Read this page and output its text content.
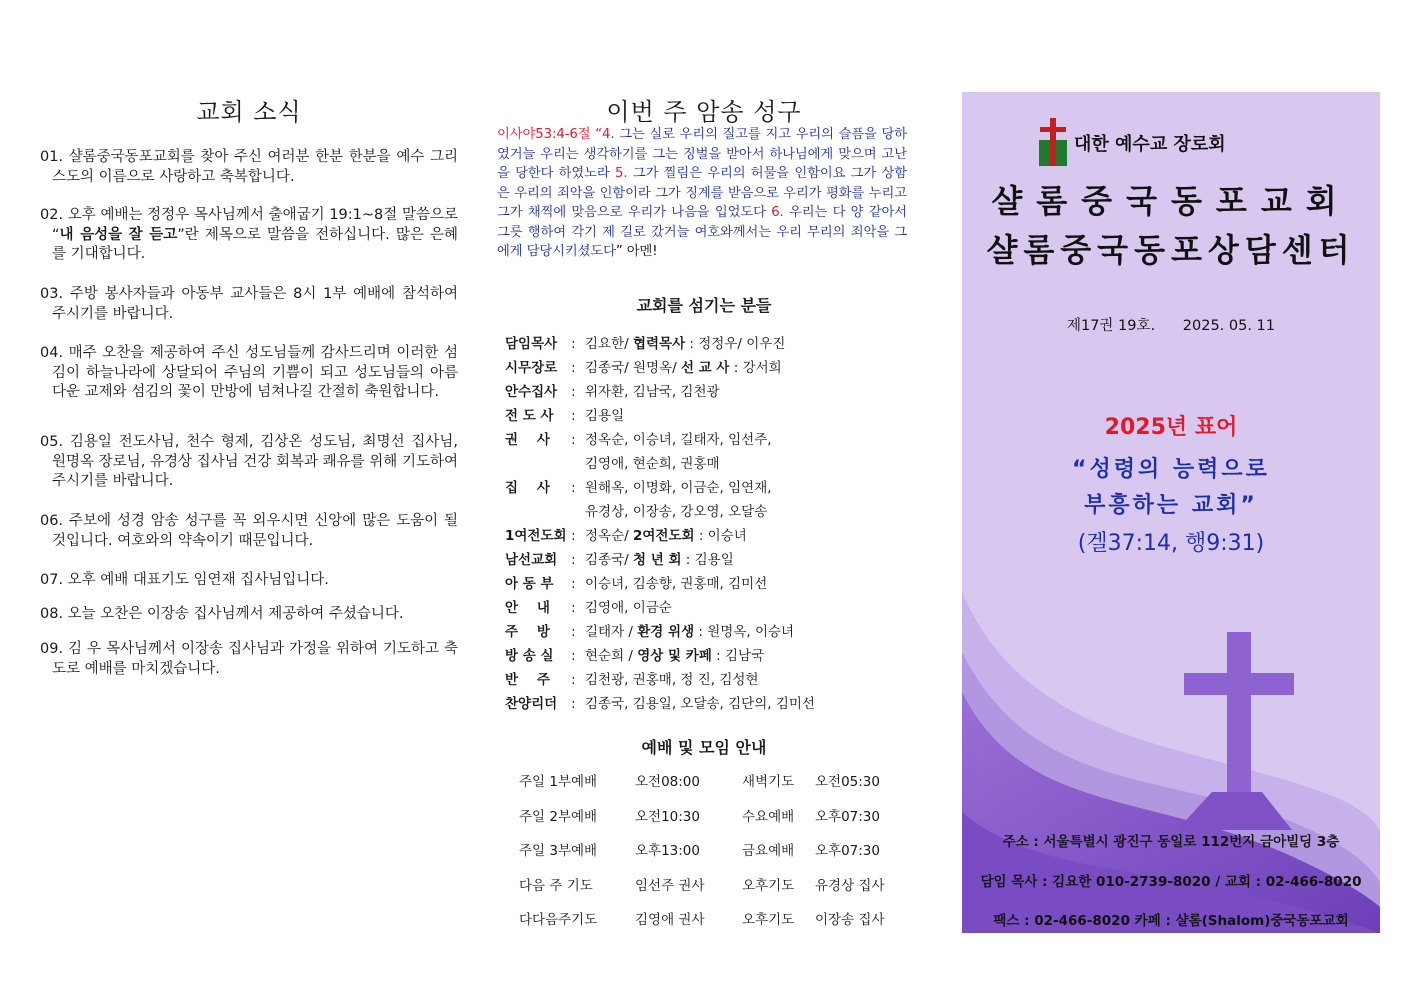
교회 소식
01. 샬롬중국동포교회를 찾아 주신 여러분 한분 한분을 예수 그리스도의 이름으로 사랑하고 축복합니다.
02. 오후 예배는 정정우 목사님께서 출애굽기 19:1~8절 말씀으로 “내 음성을 잘 듣고”란 제목으로 말씀을 전하십니다. 많은 은혜를 기대합니다.
03. 주방 봉사자들과 아동부 교사들은 8시 1부 예배에 참석하여 주시기를 바랍니다.
04. 매주 오찬을 제공하여 주신 성도님들께 감사드리며 이러한 섬김이 하늘나라에 상달되어 주님의 기쁨이 되고 성도님들의 아름다운 교제와 섬김의 꽃이 만방에 넘쳐나길 간절히 축원합니다.
05. 김용일 전도사님, 천수 형제, 김상온 성도님, 최명선 집사님, 원명옥 장로님, 유경상 집사님 건강 회복과 쾌유를 위해 기도하여 주시기를 바랍니다.
06. 주보에 성경 암송 성구를 꼭 외우시면 신앙에 많은 도움이 될 것입니다. 여호와의 약속이기 때문입니다.
07. 오후 예배 대표기도 임연재 집사님입니다.
08. 오늘 오찬은 이장송 집사님께서 제공하여 주셨습니다.
09. 김 우 목사님께서 이장송 집사님과 가정을 위하여 기도하고 축도로 예배를 마치겠습니다.
이번 주 암송 성구
이사야53:4-6절 “4. 그는 실로 우리의 질고를 지고 우리의 슬픔을 당하였거늘 우리는 생각하기를 그는 징벌을 받아서 하나님에게 맞으며 고난을 당한다 하였노라 5. 그가 찔림은 우리의 허물을 인함이요 그가 상함은 우리의 죄악을 인함이라 그가 징계를 받음으로 우리가 평화를 누리고 그가 채찍에 맞음으로 우리가 나음을 입었도다 6. 우리는 다 양 같아서 그릇 행하여 각기 제 길로 갔거늘 여호와께서는 우리 무리의 죄악을 그에게 담당시키셨도다” 아멘!
교회를 섬기는 분들
담임목사	: 김요한/ 협력목사 : 정정우/ 이우진
시무장로	: 김종국/ 원명옥/ 선 교 사 : 강서희
안수집사	: 위자환, 김남국, 김천광
전 도 사	: 김용일
권    사	: 정옥순, 이승녀, 길태자, 임선주,
김영애, 현순희, 권홍매
집    사	: 원해옥, 이명화, 이금순, 임연재,
유경상, 이장송, 강오영, 오달송
1여전도회 : 정옥순/ 2여전도회 : 이승녀
남선교회	: 김종국/ 청 년 회 : 김용일
아 동 부	: 이승녀, 김송향, 권홍매, 김미선
안    내	: 김영애, 이금순
주    방	: 길태자 / 환경 위생 : 원명옥, 이승녀
방 송 실	: 현순희 / 영상 및 카페 : 김남국
반    주	: 김천광, 권홍매, 정 진, 김성현
찬양리더	: 김종국, 김용일, 오달송, 김단의, 김미선
예배 및 모임 안내
주일 1부예배	오전08:00	새벽기도 오전05:30
주일 2부예배	오전10:30	수요예배 오후07:30
주일 3부예배	오후13:00	금요예배 오후07:30
다음 주 기도	임선주 권사	오후기도 유경상 집사
다다음주기도	김영애 권사	오후기도 이장송 집사
대한 예수교 장로회
샬롬중국동포교회
샬롬중국동포상담센터
제17권 19호.      2025. 05. 11
2025년 표어
“성령의 능력으로
부흥하는 교회”
(겔37:14, 행9:31)
주소 : 서울특별시 광진구 동일로 112번지 금아빌딩 3층
담임 목사 : 김요한 010-2739-8020 / 교회 : 02-466-8020
팩스 : 02-466-8020 카페 : 샬롬(Shalom)중국동포교회
